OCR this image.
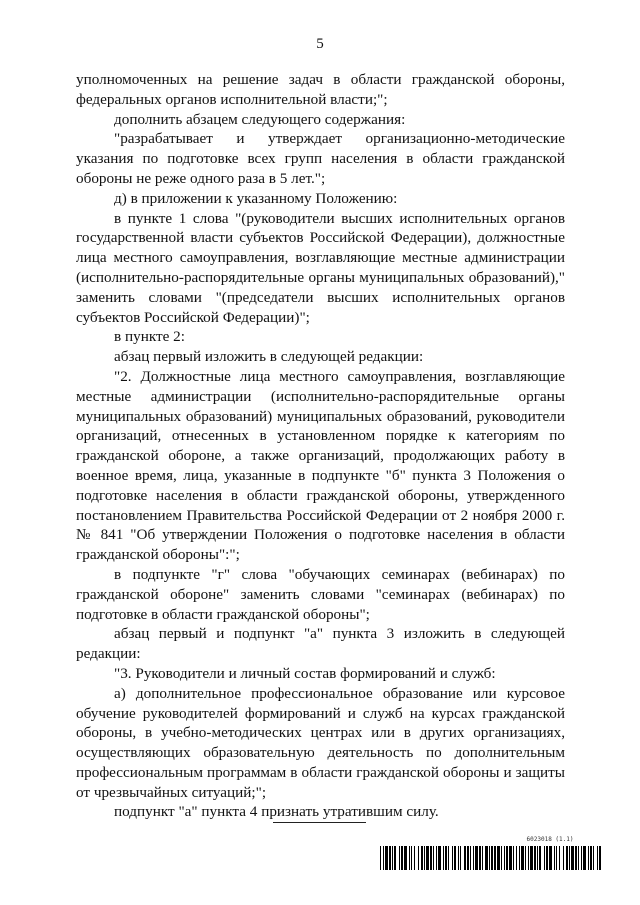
5

уполномоченных на решение задач в области гражданской обороны, федеральных органов исполнительной власти;";

дополнить абзацем следующего содержания:

"разрабатывает и утверждает организационно-методические указания по подготовке всех групп населения в области гражданской обороны не реже одного раза в 5 лет.";

д) в приложении к указанному Положению:

в пункте 1 слова "(руководители высших исполнительных органов государственной власти субъектов Российской Федерации), должностные лица местного самоуправления, возглавляющие местные администрации (исполнительно-распорядительные органы муниципальных образований)," заменить словами "(председатели высших исполнительных органов субъектов Российской Федерации)";

в пункте 2:

абзац первый изложить в следующей редакции:

"2. Должностные лица местного самоуправления, возглавляющие местные администрации (исполнительно-распорядительные органы муниципальных образований) муниципальных образований, руководители организаций, отнесенных в установленном порядке к категориям по гражданской обороне, а также организаций, продолжающих работу в военное время, лица, указанные в подпункте "б" пункта 3 Положения о подготовке населения в области гражданской обороны, утвержденного постановлением Правительства Российской Федерации от 2 ноября 2000 г. № 841 "Об утверждении Положения о подготовке населения в области гражданской обороны":";

в подпункте "г" слова "обучающих семинарах (вебинарах) по гражданской обороне" заменить словами "семинарах (вебинарах) по подготовке в области гражданской обороны";

абзац первый и подпункт "а" пункта 3 изложить в следующей редакции:

"3. Руководители и личный состав формирований и служб:

а) дополнительное профессиональное образование или курсовое обучение руководителей формирований и служб на курсах гражданской обороны, в учебно-методических центрах или в других организациях, осуществляющих образовательную деятельность по дополнительным профессиональным программам в области гражданской обороны и защиты от чрезвычайных ситуаций;";

подпункт "а" пункта 4 признать утратившим силу.

6023018 (1.1)
